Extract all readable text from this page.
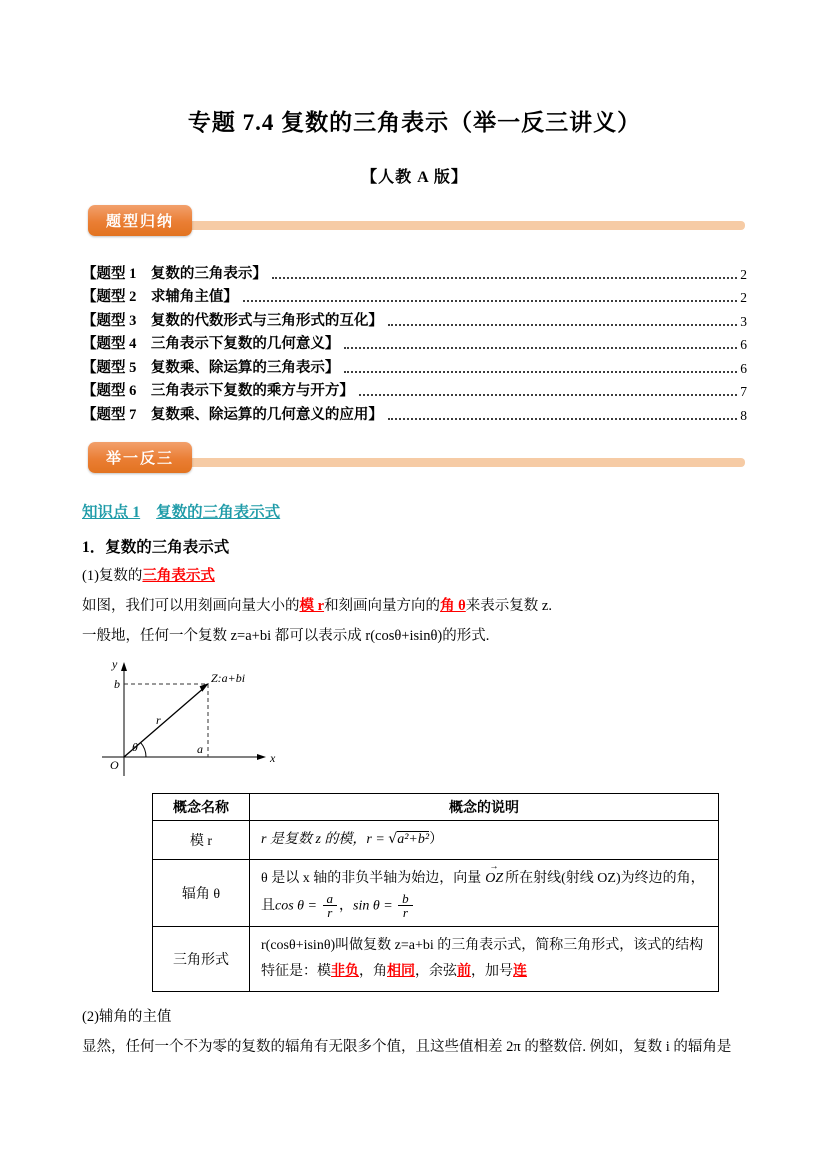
专题 7.4 复数的三角表示（举一反三讲义）
【人教 A 版】
题型归纳
【题型 1　复数的三角表示】	2
【题型 2　求辅角主值】	2
【题型 3　复数的代数形式与三角形式的互化】	3
【题型 4　三角表示下复数的几何意义】	6
【题型 5　复数乘、除运算的三角表示】	6
【题型 6　三角表示下复数的乘方与开方】	7
【题型 7　复数乘、除运算的几何意义的应用】	8
举一反三
知识点 1 复数的三角表示式
1．复数的三角表示式
(1)复数的三角表示式
如图，我们可以用刻画向量大小的模 r和刻画向量方向的角 θ来表示复数 z.
一般地，任何一个复数 z=a+bi 都可以表示成 r(cosθ+isinθ)的形式.
y
x
O
b
a
r
θ
Z:a+bi
概念名称	概念的说明
模 r	r 是复数 z 的模，r = √a²+b²）
辐角 θ	θ 是以 x 轴的非负半轴为始边，向量 OZ → 所在射线(射线 OZ)为终边的角，且$\cos \theta = \frac{a}{r}$ ，$\sin \theta = \frac{b}{r}$

三角形式	r(cosθ+isinθ)叫做复数 z=a+bi 的三角表示式，简称三角形式，该式的结构特征是：模非负，角相同，余弦前，加号连
(2)辅角的主值
显然，任何一个不为零的复数的辐角有无限多个值，且这些值相差 2π 的整数倍. 例如，复数 i 的辐角是
